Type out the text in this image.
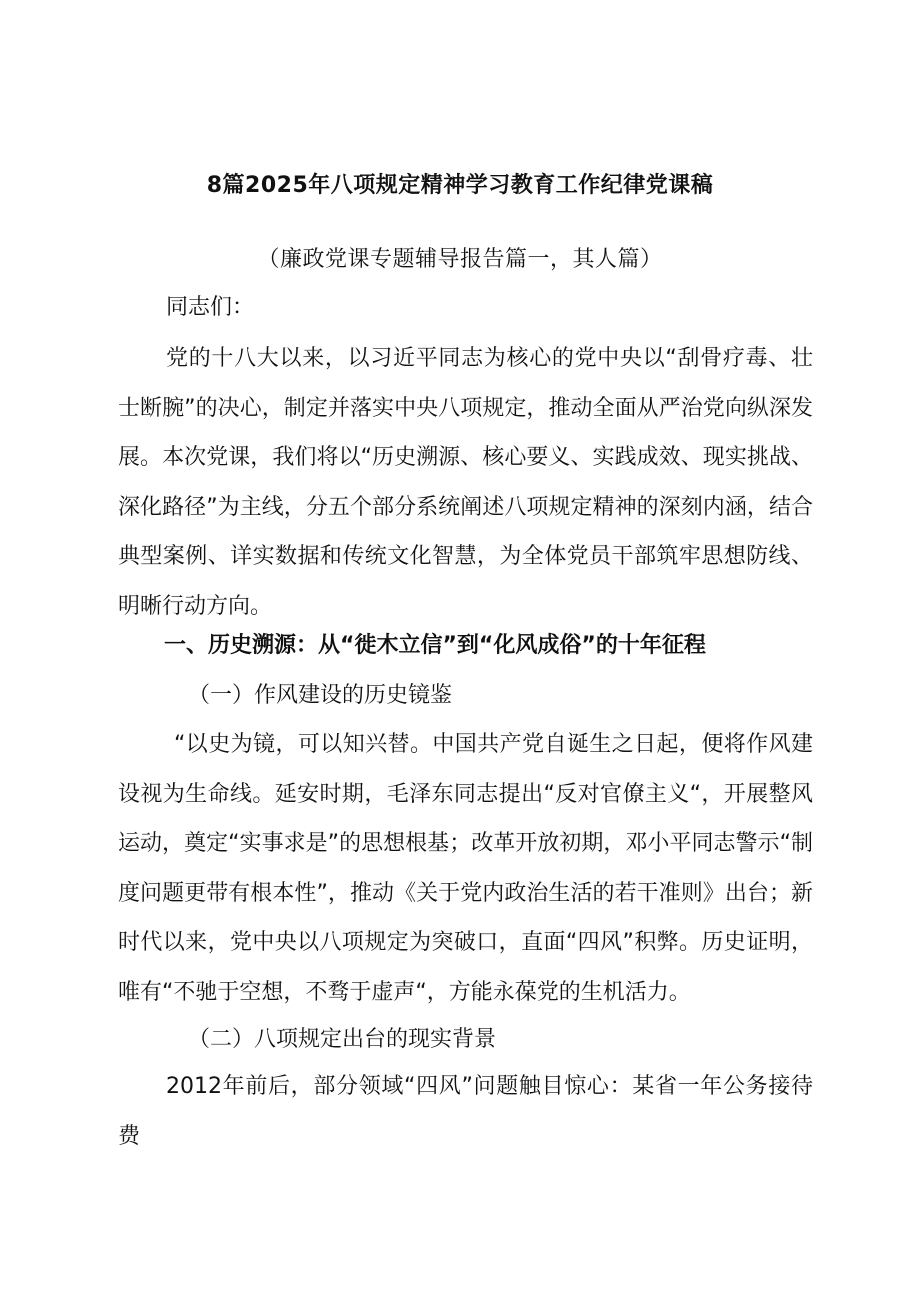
8篇2025年八项规定精神学习教育工作纪律党课稿
（廉政党课专题辅导报告篇一，其人篇）
同志们：
党的十八大以来，以习近平同志为核心的党中央以“刮骨疗毒、壮士断腕”的决心，制定并落实中央八项规定，推动全面从严治党向纵深发展。本次党课，我们将以“历史溯源、核心要义、实践成效、现实挑战、深化路径”为主线，分五个部分系统阐述八项规定精神的深刻内涵，结合典型案例、详实数据和传统文化智慧，为全体党员干部筑牢思想防线、明晰行动方向。
一、历史溯源：从“徙木立信”到“化风成俗”的十年征程
（一）作风建设的历史镜鉴
“以史为镜，可以知兴替。中国共产党自诞生之日起，便将作风建设视为生命线。延安时期，毛泽东同志提出“反对官僚主义“，开展整风运动，奠定“实事求是”的思想根基；改革开放初期，邓小平同志警示“制度问题更带有根本性”，推动《关于党内政治生活的若干准则》出台；新时代以来，党中央以八项规定为突破口，直面“四风”积弊。历史证明，唯有“不驰于空想，不骛于虚声“，方能永葆党的生机活力。
（二）八项规定出台的现实背景
2012年前后，部分领域“四风”问题触目惊心：某省一年公务接待费
